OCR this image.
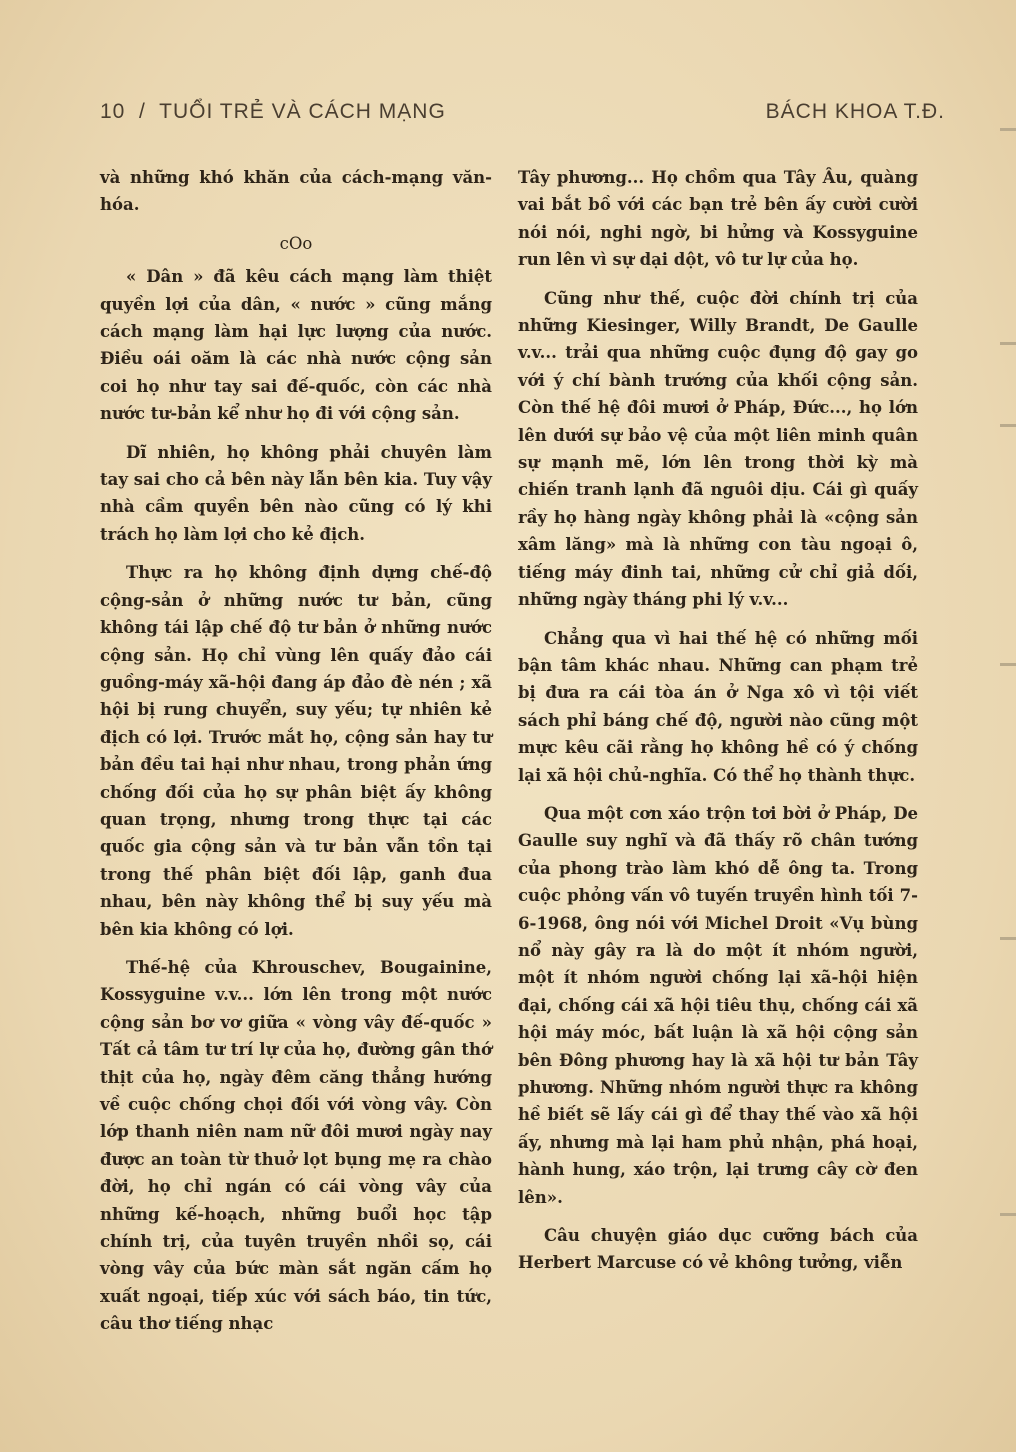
10  /  TUỔI TRẺ VÀ CÁCH MẠNG	BÁCH KHOA T.Đ.

và những khó khăn của cách-mạng văn-hóa.

cOo

« Dân » đã kêu cách mạng làm thiệt quyền lợi của dân, « nước » cũng mắng cách mạng làm hại lực lượng của nước. Điều oái oăm là các nhà nước cộng sản coi họ như tay sai đế-quốc, còn các nhà nước tư-bản kể như họ đi với cộng sản.

Dĩ nhiên, họ không phải chuyên làm tay sai cho cả bên này lẫn bên kia. Tuy vậy nhà cầm quyền bên nào cũng có lý khi trách họ làm lợi cho kẻ địch.

Thực ra họ không định dựng chế-độ cộng-sản ở những nước tư bản, cũng không tái lập chế độ tư bản ở những nước cộng sản. Họ chỉ vùng lên quấy đảo cái guồng-máy xã-hội đang áp đảo đè nén ; xã hội bị rung chuyển, suy yếu; tự nhiên kẻ địch có lợi. Trước mắt họ, cộng sản hay tư bản đều tai hại như nhau, trong phản ứng chống đối của họ sự phân biệt ấy không quan trọng, nhưng trong thực tại các quốc gia cộng sản và tư bản vẫn tồn tại trong thế phân biệt đối lập, ganh đua nhau, bên này không thể bị suy yếu mà bên kia không có lợi.

Thế-hệ của Khrouschev, Bougainine, Kossyguine v.v... lớn lên trong một nước cộng sản bơ vơ giữa « vòng vây đế-quốc » Tất cả tâm tư trí lự của họ, đường gân thớ thịt của họ, ngày đêm căng thẳng hướng về cuộc chống chọi đối với vòng vây. Còn lớp thanh niên nam nữ đôi mươi ngày nay được an toàn từ thuở lọt bụng mẹ ra chào đời, họ chỉ ngán có cái vòng vây của những kế-hoạch, những buổi học tập chính trị, của tuyên truyền nhồi sọ, cái vòng vây của bức màn sắt ngăn cấm họ xuất ngoại, tiếp xúc với sách báo, tin tức, câu thơ tiếng nhạc

Tây phương... Họ chồm qua Tây Âu, quàng vai bắt bồ với các bạn trẻ bên ấy cười cười nói nói, nghi ngờ, bi hửng và Kossyguine run lên vì sự dại dột, vô tư lự của họ.

Cũng như thế, cuộc đời chính trị của những Kiesinger, Willy Brandt, De Gaulle v.v... trải qua những cuộc đụng độ gay go với ý chí bành trướng của khối cộng sản. Còn thế hệ đôi mươi ở Pháp, Đức..., họ lớn lên dưới sự bảo vệ của một liên minh quân sự mạnh mẽ, lớn lên trong thời kỳ mà chiến tranh lạnh đã nguôi dịu. Cái gì quấy rầy họ hàng ngày không phải là «cộng sản xâm lăng» mà là những con tàu ngoại ô, tiếng máy đinh tai, những cử chỉ giả dối, những ngày tháng phi lý v.v...

Chẳng qua vì hai thế hệ có những mối bận tâm khác nhau. Những can phạm trẻ bị đưa ra cái tòa án ở Nga xô vì tội viết sách phỉ báng chế độ, người nào cũng một mực kêu cãi rằng họ không hề có ý chống lại xã hội chủ-nghĩa. Có thể họ thành thực.

Qua một cơn xáo trộn tơi bời ở Pháp, De Gaulle suy nghĩ và đã thấy rõ chân tướng của phong trào làm khó dễ ông ta. Trong cuộc phỏng vấn vô tuyến truyền hình tối 7-6-1968, ông nói với Michel Droit «Vụ bùng nổ này gây ra là do một ít nhóm người, một ít nhóm người chống lại xã-hội hiện đại, chống cái xã hội tiêu thụ, chống cái xã hội máy móc, bất luận là xã hội cộng sản bên Đông phương hay là xã hội tư bản Tây phương. Những nhóm người thực ra không hề biết sẽ lấy cái gì để thay thế vào xã hội ấy, nhưng mà lại ham phủ nhận, phá hoại, hành hung, xáo trộn, lại trưng cây cờ đen lên».

Câu chuyện giáo dục cưỡng bách của Herbert Marcuse có vẻ không tưởng, viễn
